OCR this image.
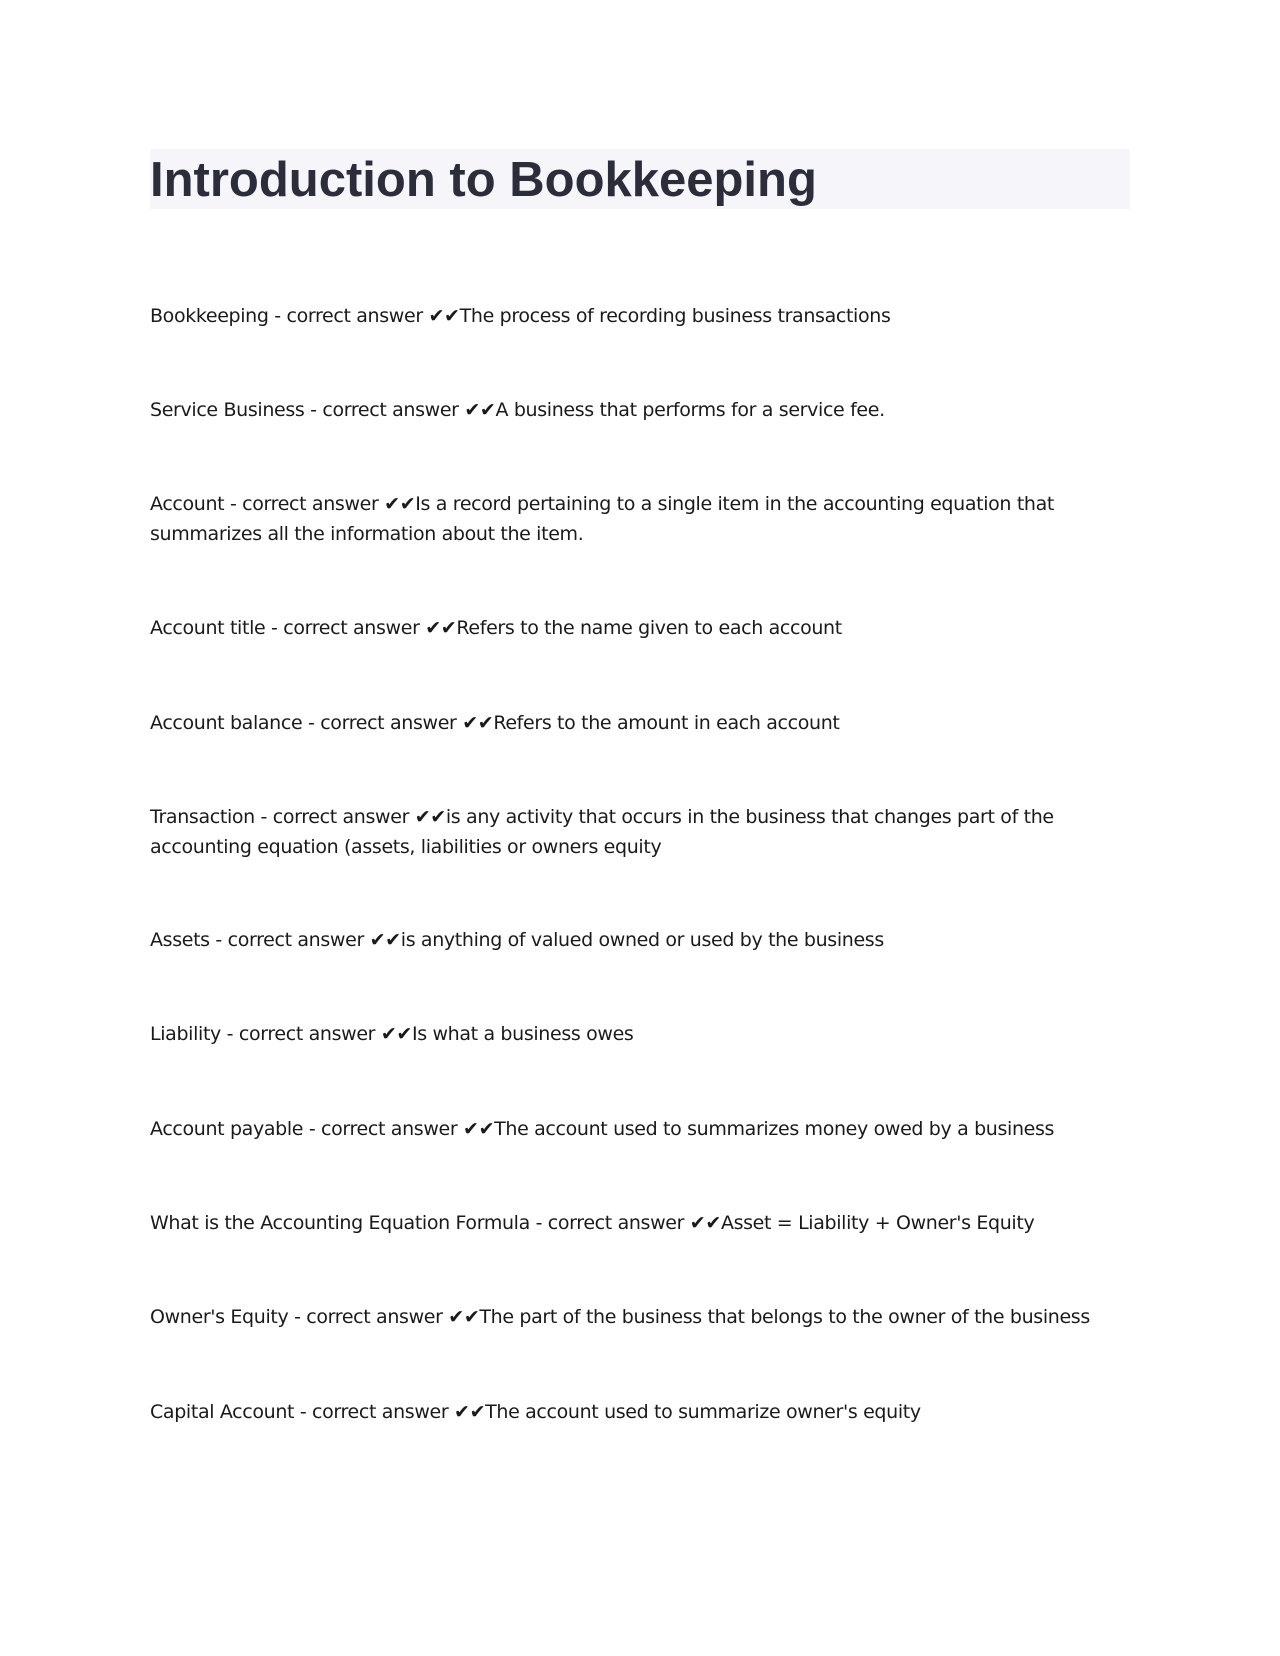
Introduction to Bookkeeping

Bookkeeping - correct answer ✔✔The process of recording business transactions

Service Business - correct answer ✔✔A business that performs for a service fee.

Account - correct answer ✔✔Is a record pertaining to a single item in the accounting equation that summarizes all the information about the item.

Account title - correct answer ✔✔Refers to the name given to each account

Account balance - correct answer ✔✔Refers to the amount in each account

Transaction - correct answer ✔✔is any activity that occurs in the business that changes part of the accounting equation (assets, liabilities or owners equity

Assets - correct answer ✔✔is anything of valued owned or used by the business

Liability - correct answer ✔✔Is what a business owes

Account payable - correct answer ✔✔The account used to summarizes money owed by a business

What is the Accounting Equation Formula - correct answer ✔✔Asset = Liability + Owner's Equity

Owner's Equity - correct answer ✔✔The part of the business that belongs to the owner of the business

Capital Account - correct answer ✔✔The account used to summarize owner's equity
